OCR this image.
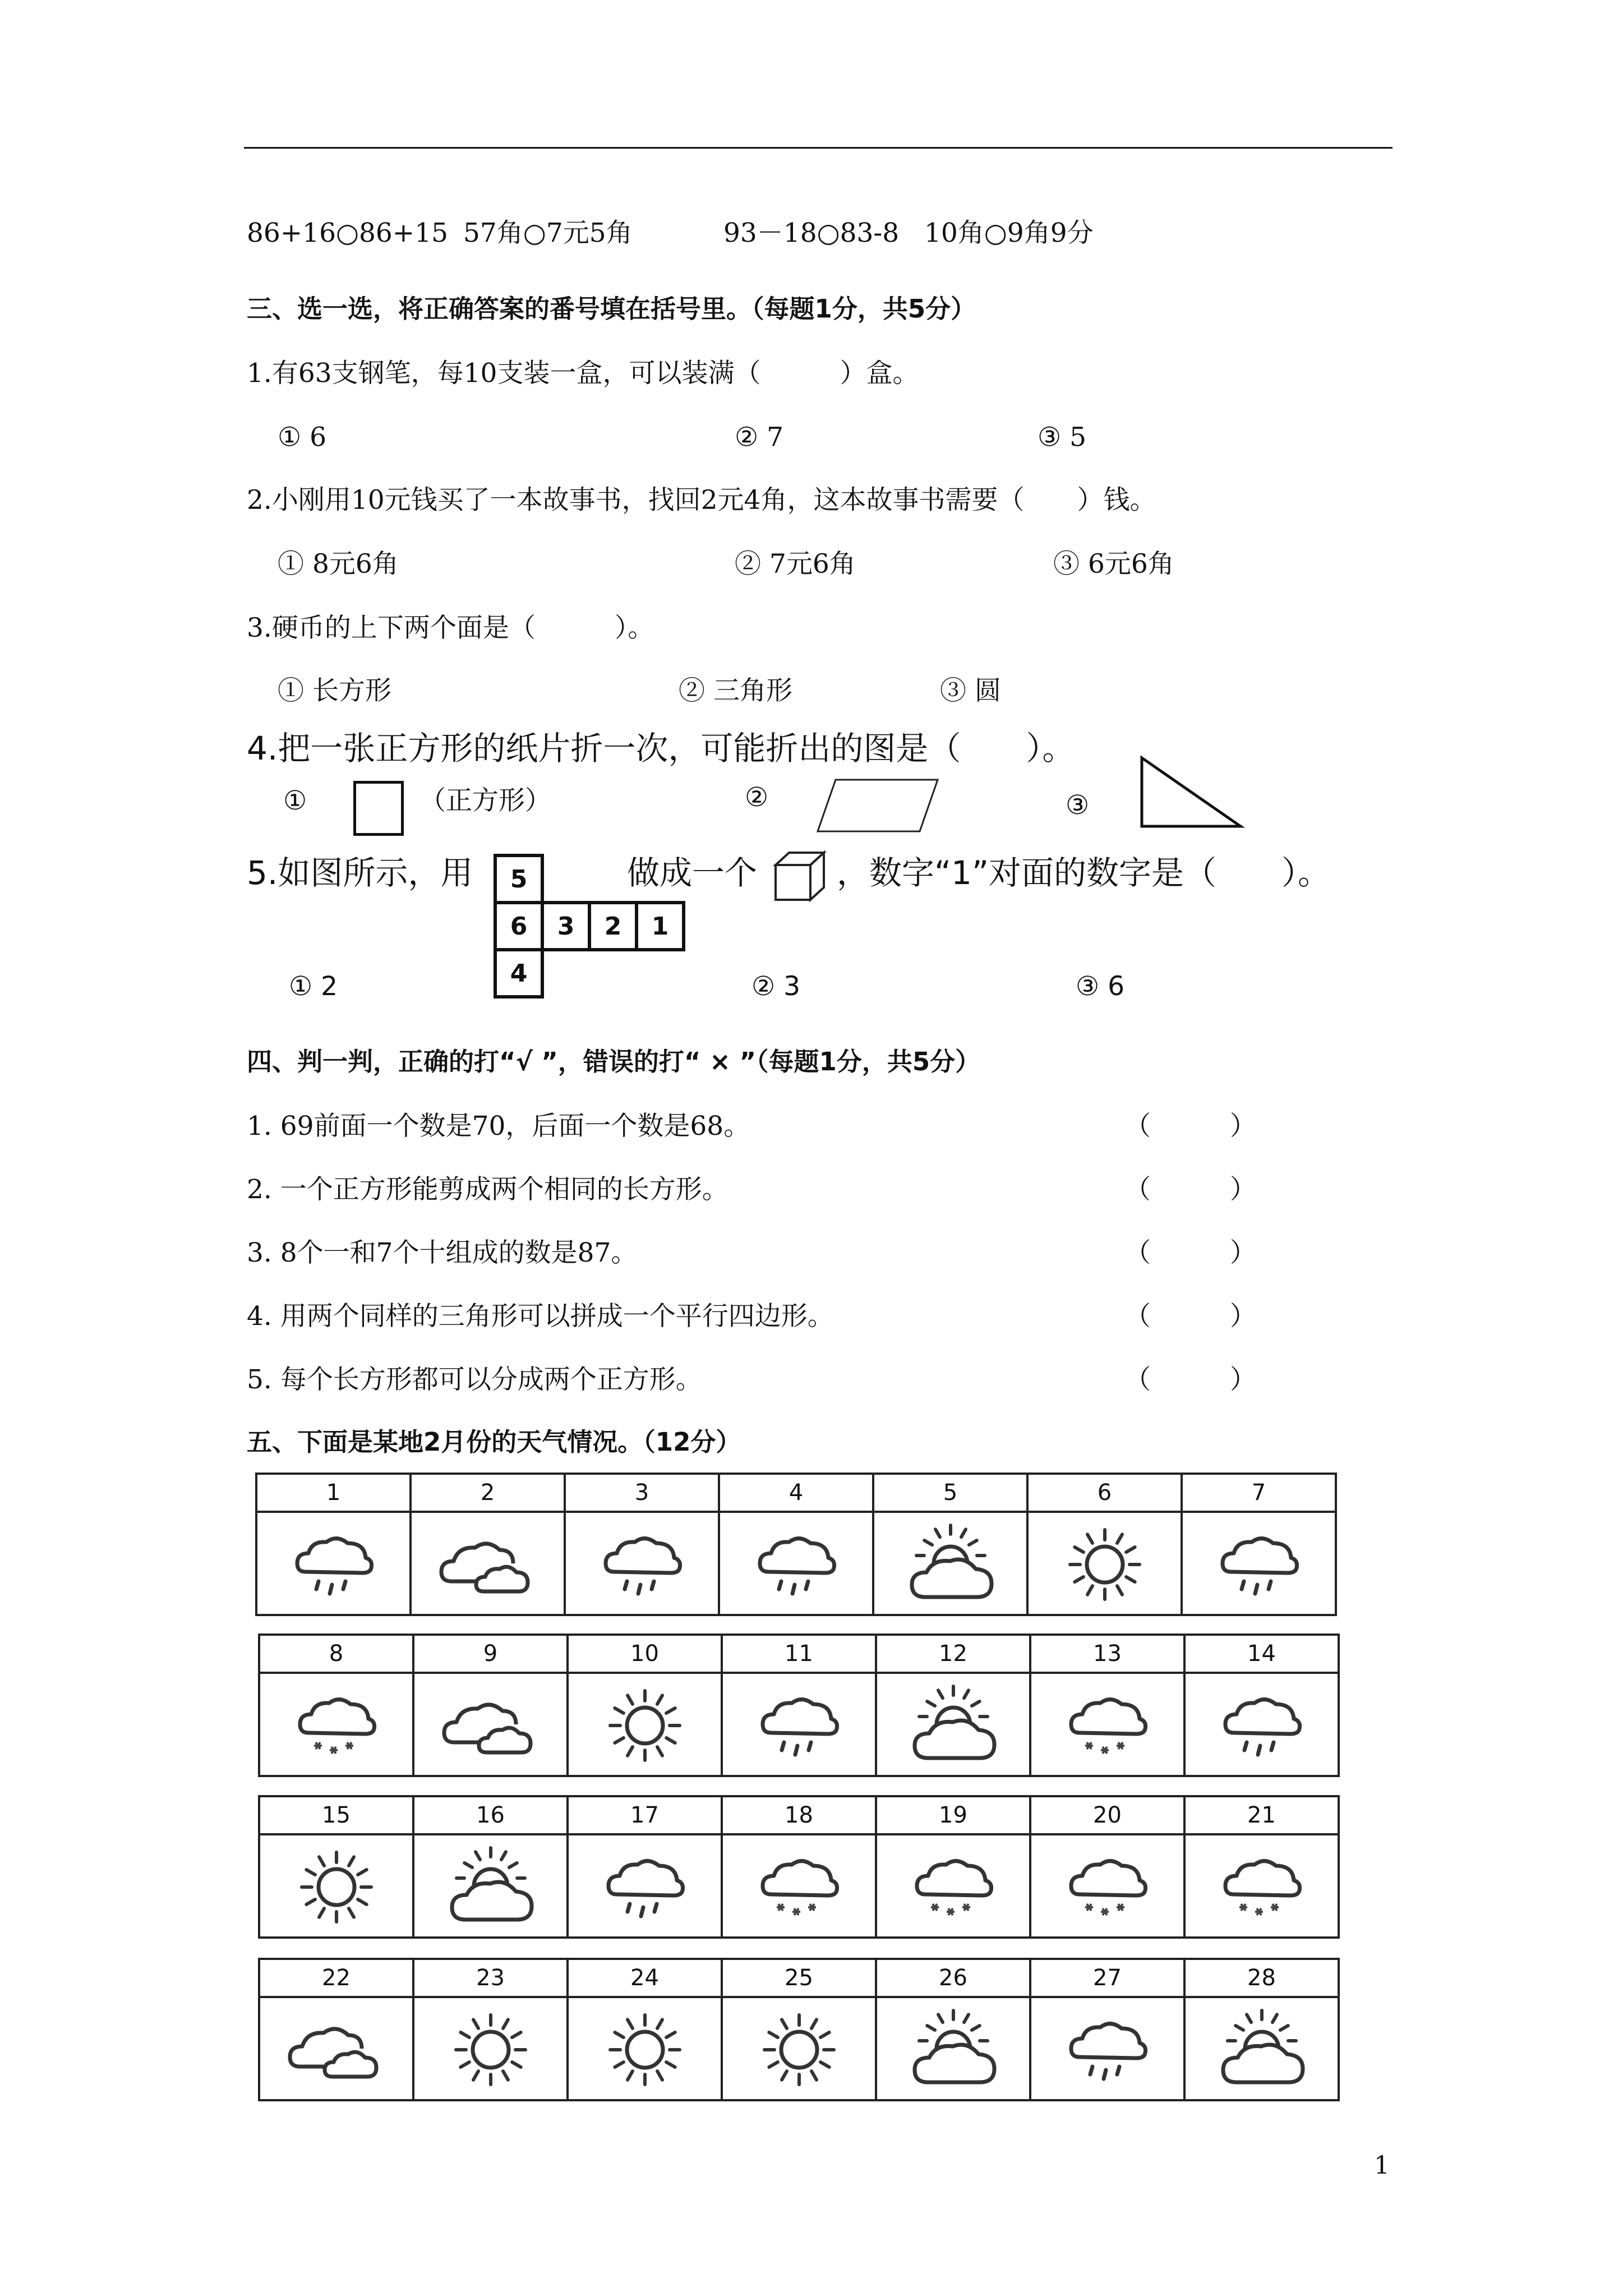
86+16○86+15 57角○7元5角	93－18○83-8 10角○9角9分
三、选一选，将正确答案的番号填在括号里。（每题1分，共5分）
1.有63支钢笔，每10支装一盒，可以装满（　　　）盒。
① 6	② 7	③ 5
2.小刚用10元钱买了一本故事书，找回2元4角，这本故事书需要（　　）钱。
① 8元6角	② 7元6角	③ 6元6角
3.硬币的上下两个面是（　　　）。
① 长方形	② 三角形	③ 圆
4.把一张正方形的纸片折一次，可能折出的图是（　　）。
①	（正方形）	②	③
5.如图所示，用 5			
6	3	2	1
4			
做成一个 ，数字“1”对面的数字是（　　）。
① 2	② 3	③ 6
四、判一判，正确的打“√ ”，错误的打“ × ”（每题1分，共5分）
1. 69前面一个数是70，后面一个数是68。	（　　　）
2. 一个正方形能剪成两个相同的长方形。	（　　　）
3. 8个一和7个十组成的数是87。	（　　　）
4. 用两个同样的三角形可以拼成一个平行四边形。	（　　　）
5. 每个长方形都可以分成两个正方形。	（　　　）
五、下面是某地2月份的天气情况。（12分）
1	2	3	4	5	6	7

8	9	10	11	12	13	14

15	16	17	18	19	20	21

22	23	24	25	26	27	28

1
